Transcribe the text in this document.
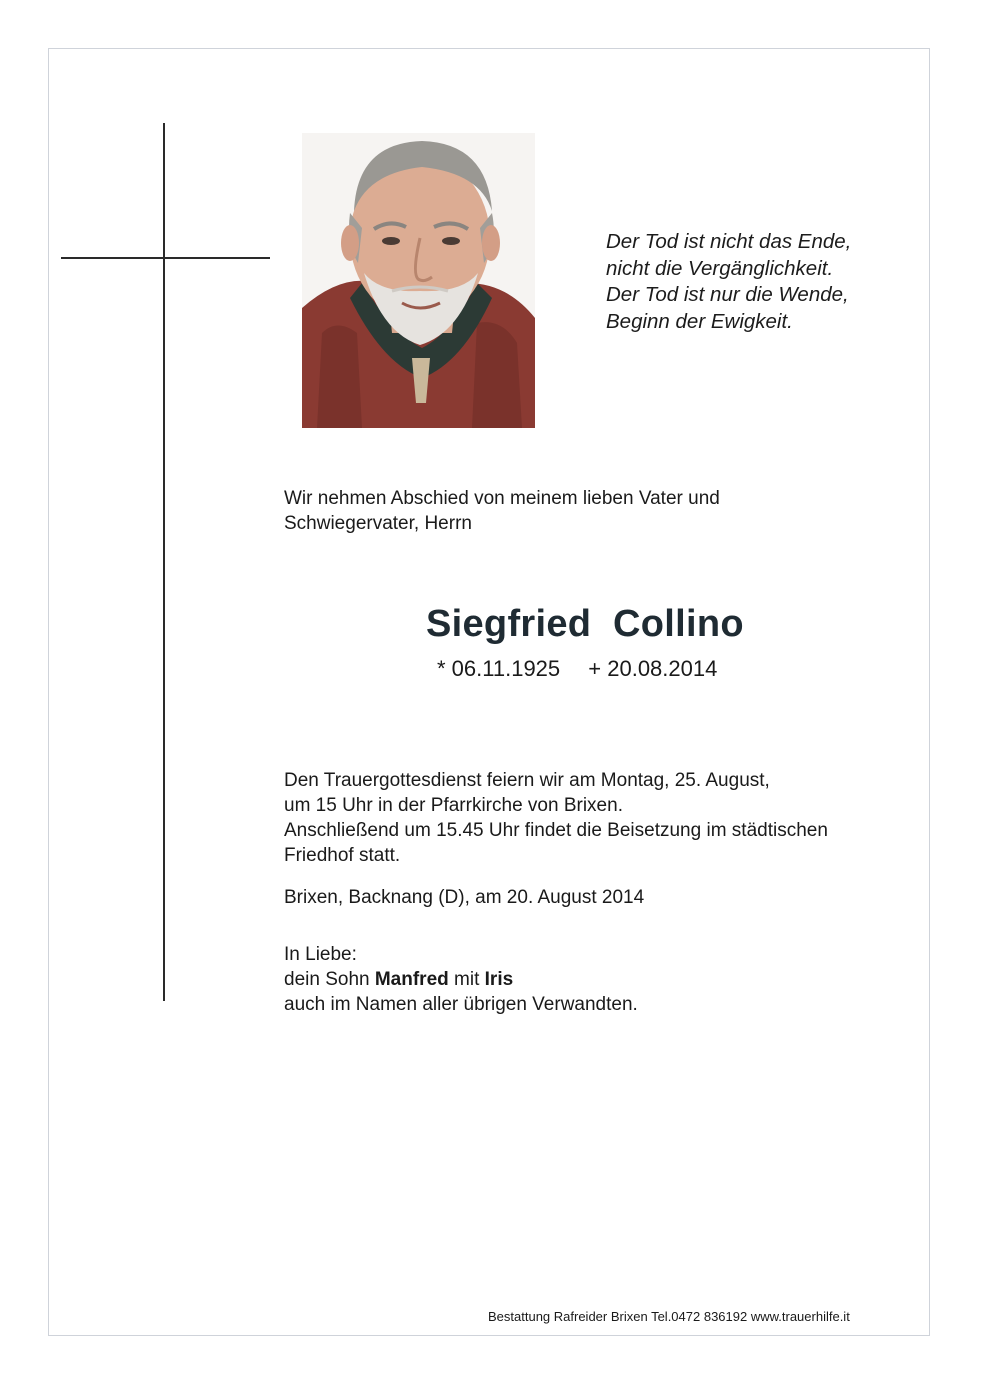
Der Tod ist nicht das Ende,
nicht die Vergänglichkeit.
Der Tod ist nur die Wende,
Beginn der Ewigkeit.
Wir nehmen Abschied von meinem lieben Vater und
Schwiegervater, Herrn
Siegfried  Collino
* 06.11.1925 + 20.08.2014
Den Trauergottesdienst feiern wir am Montag, 25. August,
um 15 Uhr in der Pfarrkirche von Brixen.
Anschließend um 15.45 Uhr findet die Beisetzung im städtischen
Friedhof statt.
Brixen, Backnang (D), am 20. August 2014
In Liebe:
dein Sohn Manfred mit Iris
auch im Namen aller übrigen Verwandten.
Bestattung Rafreider Brixen Tel.0472 836192 www.trauerhilfe.it
